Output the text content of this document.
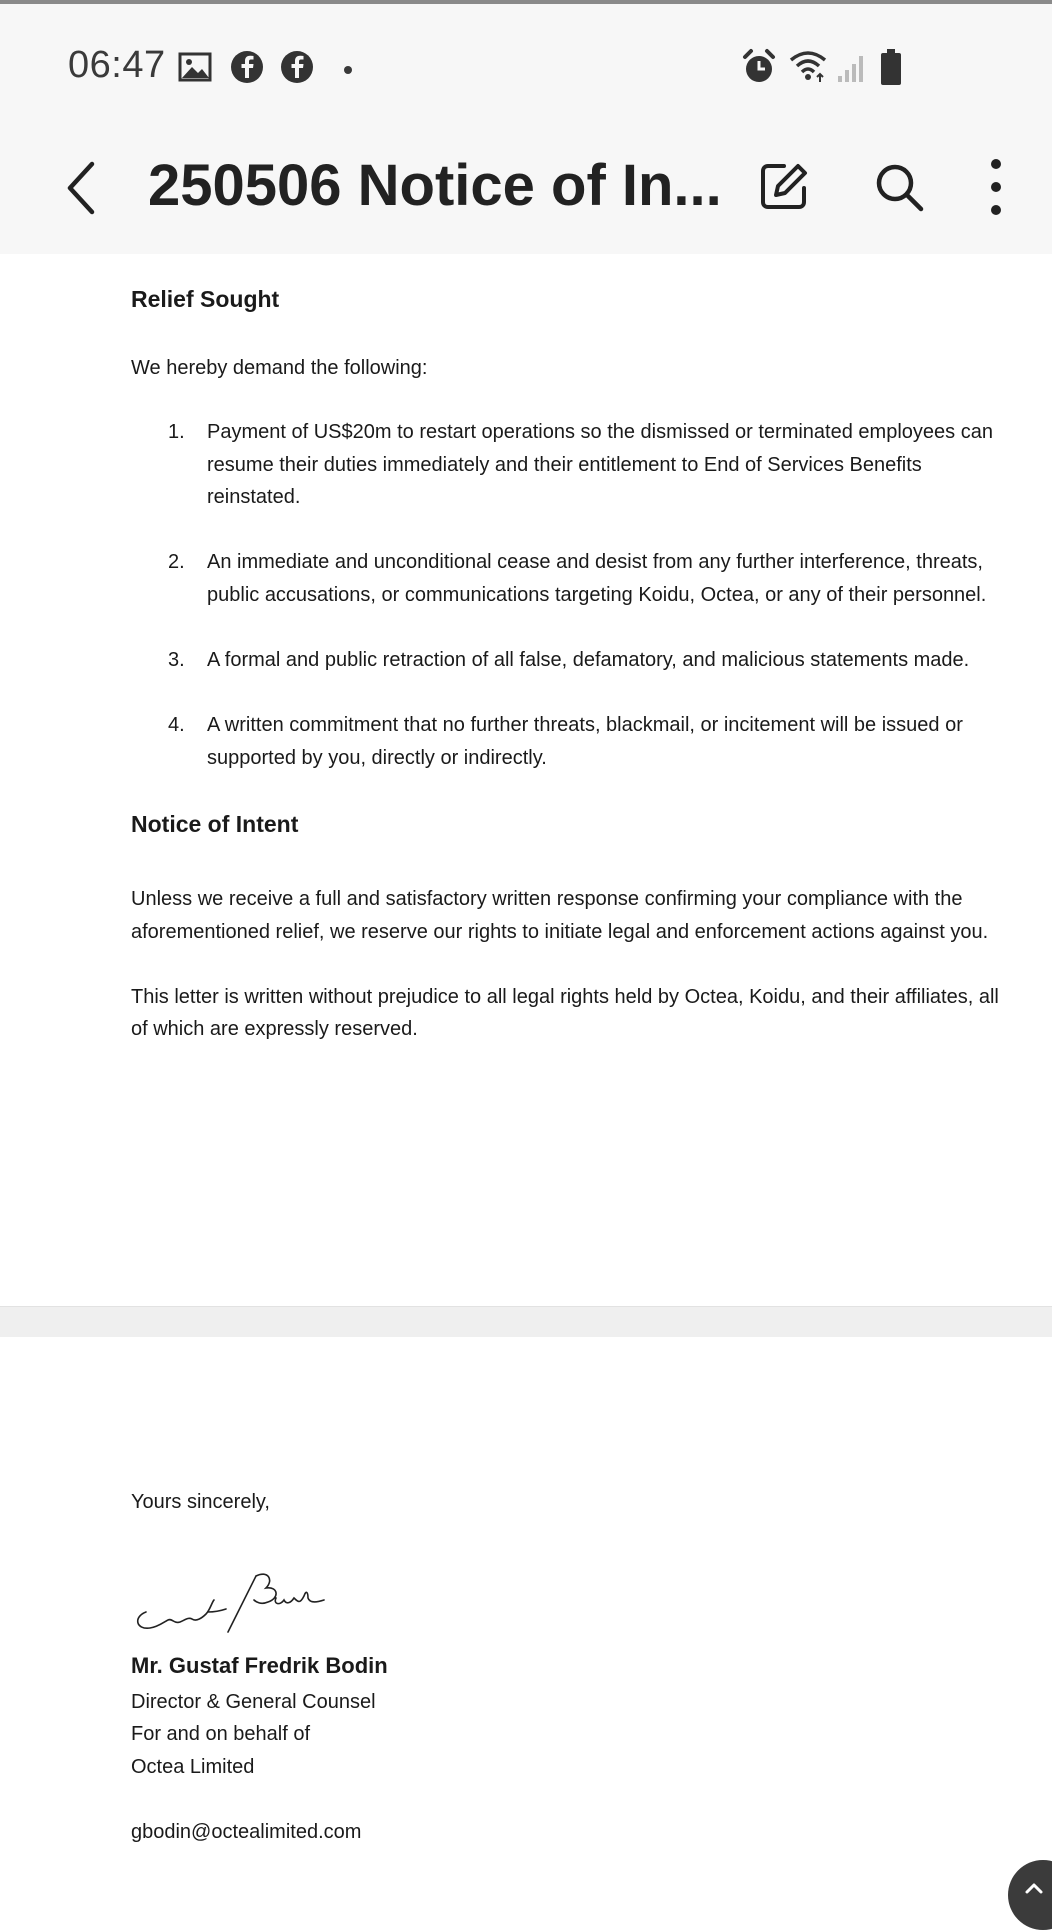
06:47
250506 Notice of In...
Relief Sought
We hereby demand the following:
1. Payment of US$20m to restart operations so the dismissed or terminated employees can
resume their duties immediately and their entitlement to End of Services Benefits
reinstated.
2. An immediate and unconditional cease and desist from any further interference, threats,
public accusations, or communications targeting Koidu, Octea, or any of their personnel.
3. A formal and public retraction of all false, defamatory, and malicious statements made.
4. A written commitment that no further threats, blackmail, or incitement will be issued or
supported by you, directly or indirectly.
Notice of Intent
Unless we receive a full and satisfactory written response confirming your compliance with the
aforementioned relief, we reserve our rights to initiate legal and enforcement actions against you.
This letter is written without prejudice to all legal rights held by Octea, Koidu, and their affiliates, all
of which are expressly reserved.
Yours sincerely,
Mr. Gustaf Fredrik Bodin
Director & General Counsel
For and on behalf of
Octea Limited
gbodin@octealimited.com
